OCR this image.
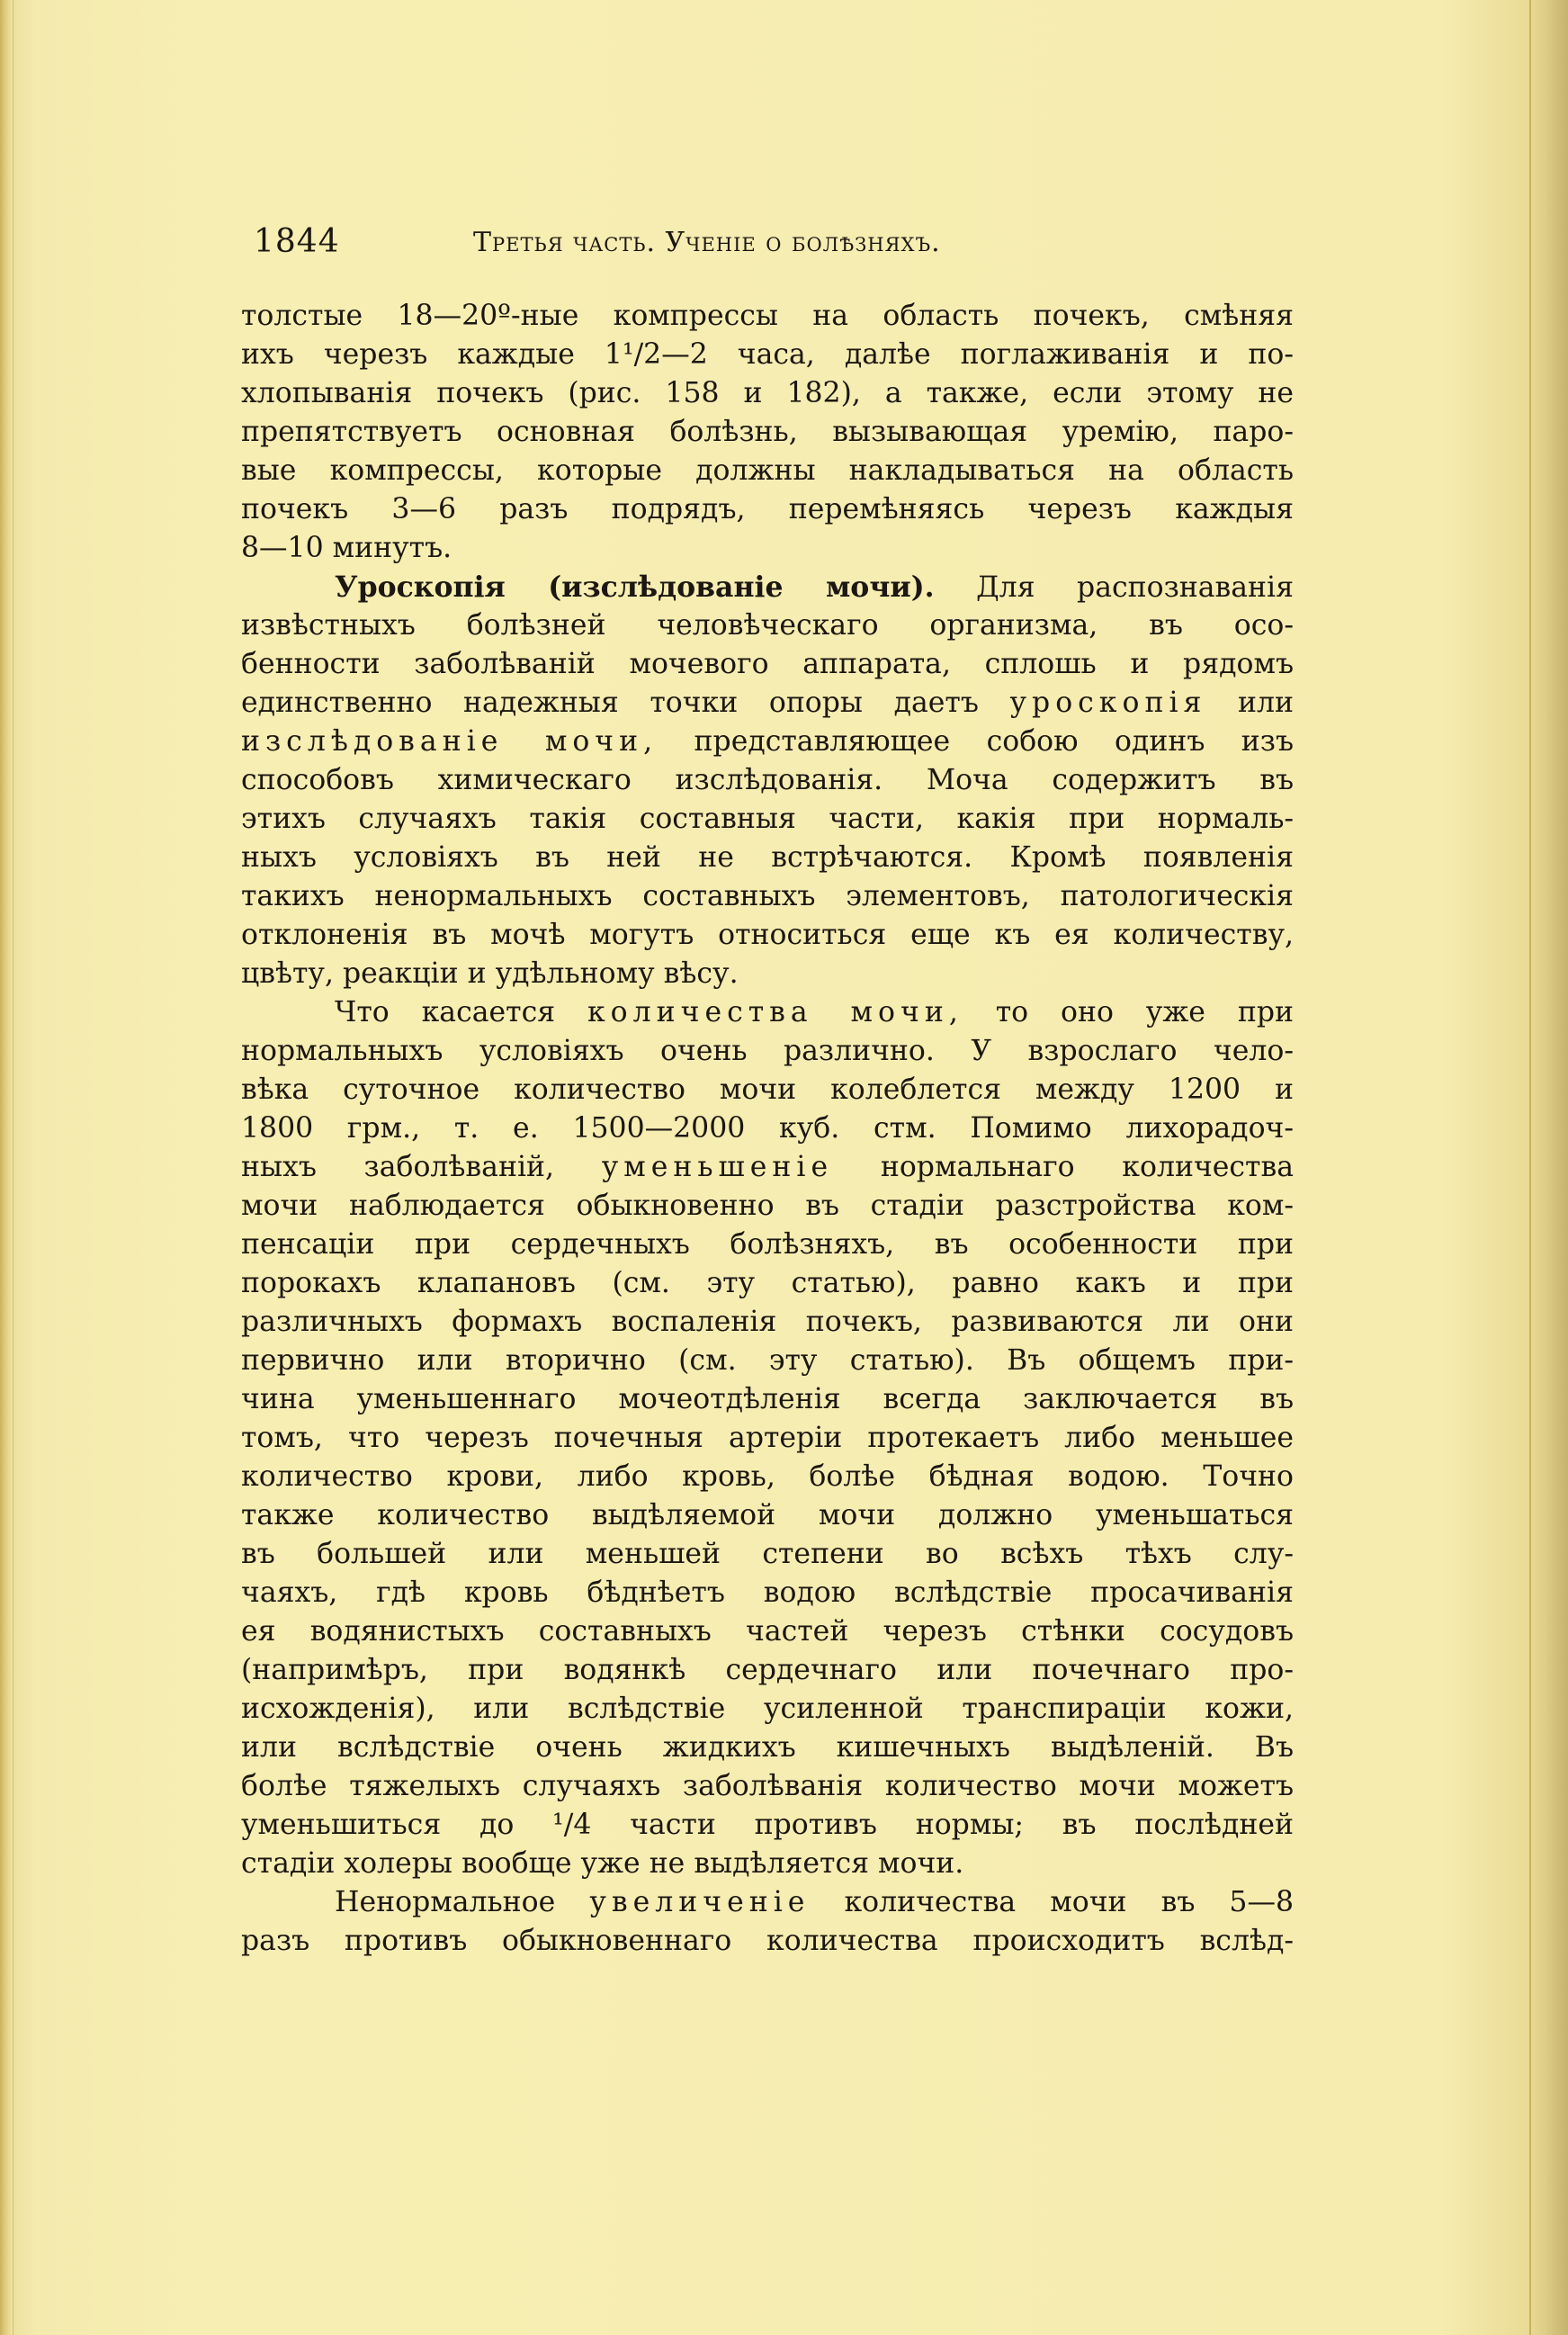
1844	Третья часть. Ученiе о болѣзняхъ.
толстые 18—20º-ные компрессы на область почекъ, смѣняя
ихъ черезъ каждые 1¹/2—2 часа, далѣе поглаживанiя и по-
хлопыванiя почекъ (рис. 158 и 182), а также, если этому не
препятствуетъ основная болѣзнь, вызывающая уремiю, паро-
вые компрессы, которые должны накладываться на область
почекъ 3—6 разъ подрядъ, перемѣняясь черезъ каждыя
8—10 минутъ.
Уроскопiя (изслѣдованiе мочи). Для распознаванiя
извѣстныхъ болѣзней человѣческаго организма, въ осо-
бенности заболѣванiй мочевого аппарата, сплошь и рядомъ
единственно надежныя точки опоры даетъ уроскопiя или
изслѣдованiе мочи, представляющее собою одинъ изъ
способовъ химическаго изслѣдованiя. Моча содержитъ въ
этихъ случаяхъ такiя составныя части, какiя при нормаль-
ныхъ условiяхъ въ ней не встрѣчаются. Кромѣ появленiя
такихъ ненормальныхъ составныхъ элементовъ, патологическiя
отклоненiя въ мочѣ могутъ относиться еще къ ея количеству,
цвѣту, реакцiи и удѣльному вѣсу.
Что касается количества мочи, то оно уже при
нормальныхъ условiяхъ очень различно. У взрослаго чело-
вѣка суточное количество мочи колеблется между 1200 и
1800 грм., т. е. 1500—2000 куб. стм. Помимо лихорадоч-
ныхъ заболѣванiй, уменьшенiе нормальнаго количества
мочи наблюдается обыкновенно въ стадiи разстройства ком-
пенсацiи при сердечныхъ болѣзняхъ, въ особенности при
порокахъ клапановъ (см. эту статью), равно какъ и при
различныхъ формахъ воспаленiя почекъ, развиваются ли они
первично или вторично (см. эту статью). Въ общемъ при-
чина уменьшеннаго мочеотдѣленiя всегда заключается въ
томъ, что черезъ почечныя артерiи протекаетъ либо меньшее
количество крови, либо кровь, болѣе бѣдная водою. Точно
также количество выдѣляемой мочи должно уменьшаться
въ большей или меньшей степени во всѣхъ тѣхъ слу-
чаяхъ, гдѣ кровь бѣднѣетъ водою вслѣдствiе просачиванiя
ея водянистыхъ составныхъ частей черезъ стѣнки сосудовъ
(напримѣръ, при водянкѣ сердечнаго или почечнаго про-
исхожденiя), или вслѣдствiе усиленной транспирацiи кожи,
или вслѣдствiе очень жидкихъ кишечныхъ выдѣленiй. Въ
болѣе тяжелыхъ случаяхъ заболѣванiя количество мочи можетъ
уменьшиться до ¹/4 части противъ нормы; въ послѣдней
стадiи холеры вообще уже не выдѣляется мочи.
Ненормальное увеличенiе количества мочи въ 5—8
разъ противъ обыкновеннаго количества происходитъ вслѣд-
